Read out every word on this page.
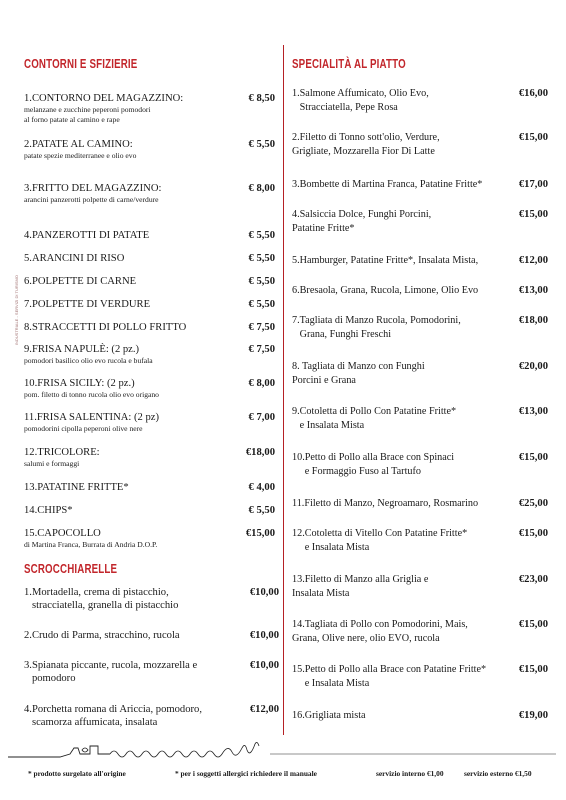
CONTORNI E SFIZIERIE
1.CONTORNO DEL MAGAZZINO:
melanzane e zucchine peperoni pomodori
al forno patate al camino e rape
€ 8,50
2.PATATE AL CAMINO:
patate spezie mediterranee e olio evo
€ 5,50
3.FRITTO DEL MAGAZZINO:
arancini panzerotti polpette di carne/verdure
€ 8,00
4.PANZEROTTI DI PATATE	€ 5,50
5.ARANCINI DI RISO	€ 5,50
6.POLPETTE DI CARNE	€ 5,50
7.POLPETTE DI VERDURE	€ 5,50
8.STRACCETTI DI POLLO FRITTO	€ 7,50
9.FRISA NAPULÈ: (2 pz.)
pomodori basilico olio evo rucola e bufala
€ 7,50
10.FRISA SICILY: (2 pz.)
pom. filetto di tonno rucola olio evo origano
€ 8,00
11.FRISA SALENTINA: (2 pz)
pomodorini cipolla peperoni olive nere
€ 7,00
12.TRICOLORE:
salumi e formaggi
€18,00
13.PATATINE FRITTE*	€ 4,00
14.CHIPS*	€ 5,50
15.CAPOCOLLO
di Martina Franca, Burrata di Andria D.O.P.
€15,00
SCROCCHIARELLE
1.Mortadella, crema di pistacchio,
stracciatella, granella di pistacchio
€10,00
2.Crudo di Parma, stracchino, rucola	€10,00
3.Spianata piccante, rucola, mozzarella e
pomodoro
€10,00
4.Porchetta romana di Ariccia, pomodoro,
scamorza affumicata, insalata
€12,00
INDUSTRIALE - SERVIZI DI TURISMO
SPECIALITÀ AL PIATTO
1.Salmone Affumicato, Olio Evo,
Stracciatella, Pepe Rosa
€16,00
2.Filetto di Tonno sott'olio, Verdure,
Grigliate, Mozzarella Fior Di Latte
€15,00
3.Bombette di Martina Franca, Patatine Fritte*	€17,00
4.Salsiccia Dolce, Funghi Porcini,
Patatine Fritte*
€15,00
5.Hamburger, Patatine Fritte*, Insalata Mista,	€12,00
6.Bresaola, Grana, Rucola, Limone, Olio Evo	€13,00
7.Tagliata di Manzo Rucola, Pomodorini,
Grana, Funghi Freschi
€18,00
8. Tagliata di Manzo con Funghi
Porcini e Grana
€20,00
9.Cotoletta di Pollo Con Patatine Fritte*
e Insalata Mista
€13,00
10.Petto di Pollo alla Brace con Spinaci
e Formaggio Fuso al Tartufo
€15,00
11.Filetto di Manzo, Negroamaro, Rosmarino	€25,00
12.Cotoletta di Vitello Con Patatine Fritte*
e Insalata Mista
€15,00
13.Filetto di Manzo alla Griglia e
Insalata Mista
€23,00
14.Tagliata di Pollo con Pomodorini, Mais,
Grana, Olive nere, olio EVO, rucola
€15,00
15.Petto di Pollo alla Brace con Patatine Fritte*
e Insalata Mista
€15,00
16.Grigliata mista	€19,00
* prodotto surgelato all'origine	* per i soggetti allergici richiedere il manuale	servizio interno €1,00	servizio esterno €1,50
